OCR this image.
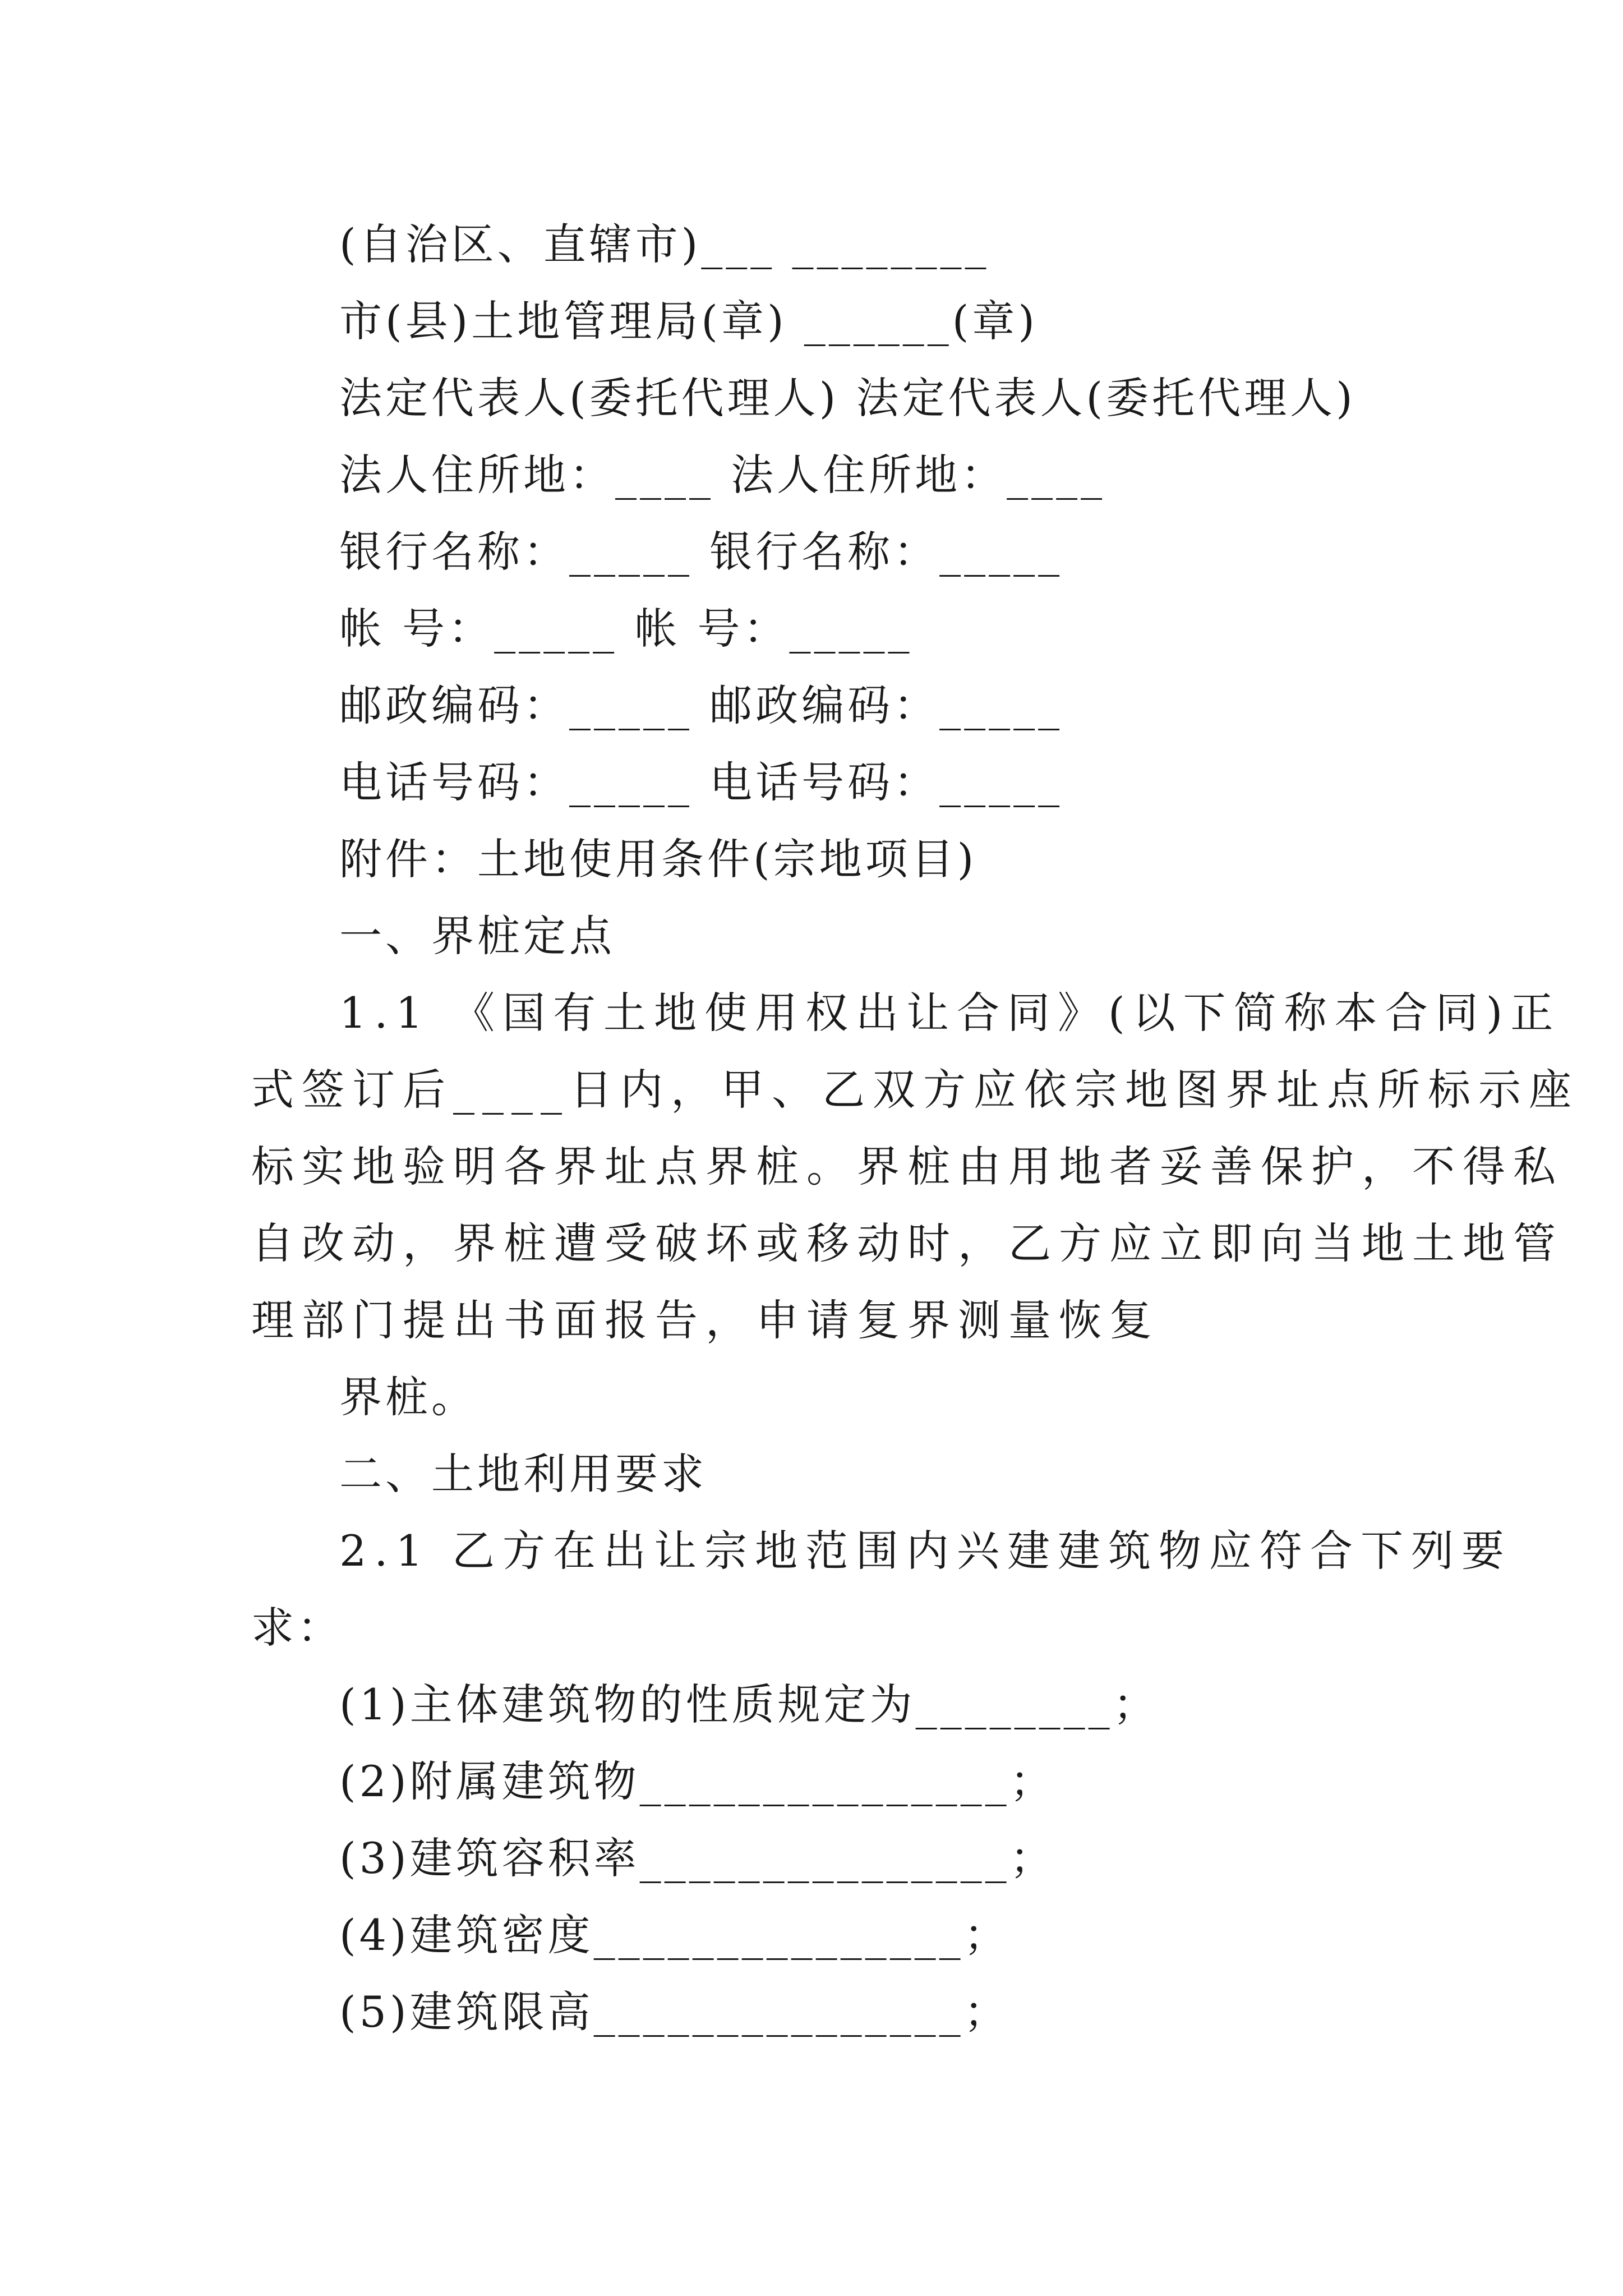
(自治区、直辖市)___ ________
市(县)土地管理局(章) ______(章)
法定代表人(委托代理人) 法定代表人(委托代理人)
法人住所地：____ 法人住所地：____
银行名称：_____ 银行名称：_____
帐 号：_____ 帐 号：_____
邮政编码：_____ 邮政编码：_____
电话号码：_____ 电话号码：_____
附件：土地使用条件(宗地项目)
一、界桩定点
1.1 《国有土地使用权出让合同》(以下简称本合同)正
式签订后____日内，甲、乙双方应依宗地图界址点所标示座
标实地验明各界址点界桩。界桩由用地者妥善保护，不得私
自改动，界桩遭受破坏或移动时，乙方应立即向当地土地管
理部门提出书面报告，申请复界测量恢复
界桩。
二、土地利用要求
2.1 乙方在出让宗地范围内兴建建筑物应符合下列要
求：
(1)主体建筑物的性质规定为________；
(2)附属建筑物_______________；
(3)建筑容积率_______________；
(4)建筑密度_______________；
(5)建筑限高_______________；
